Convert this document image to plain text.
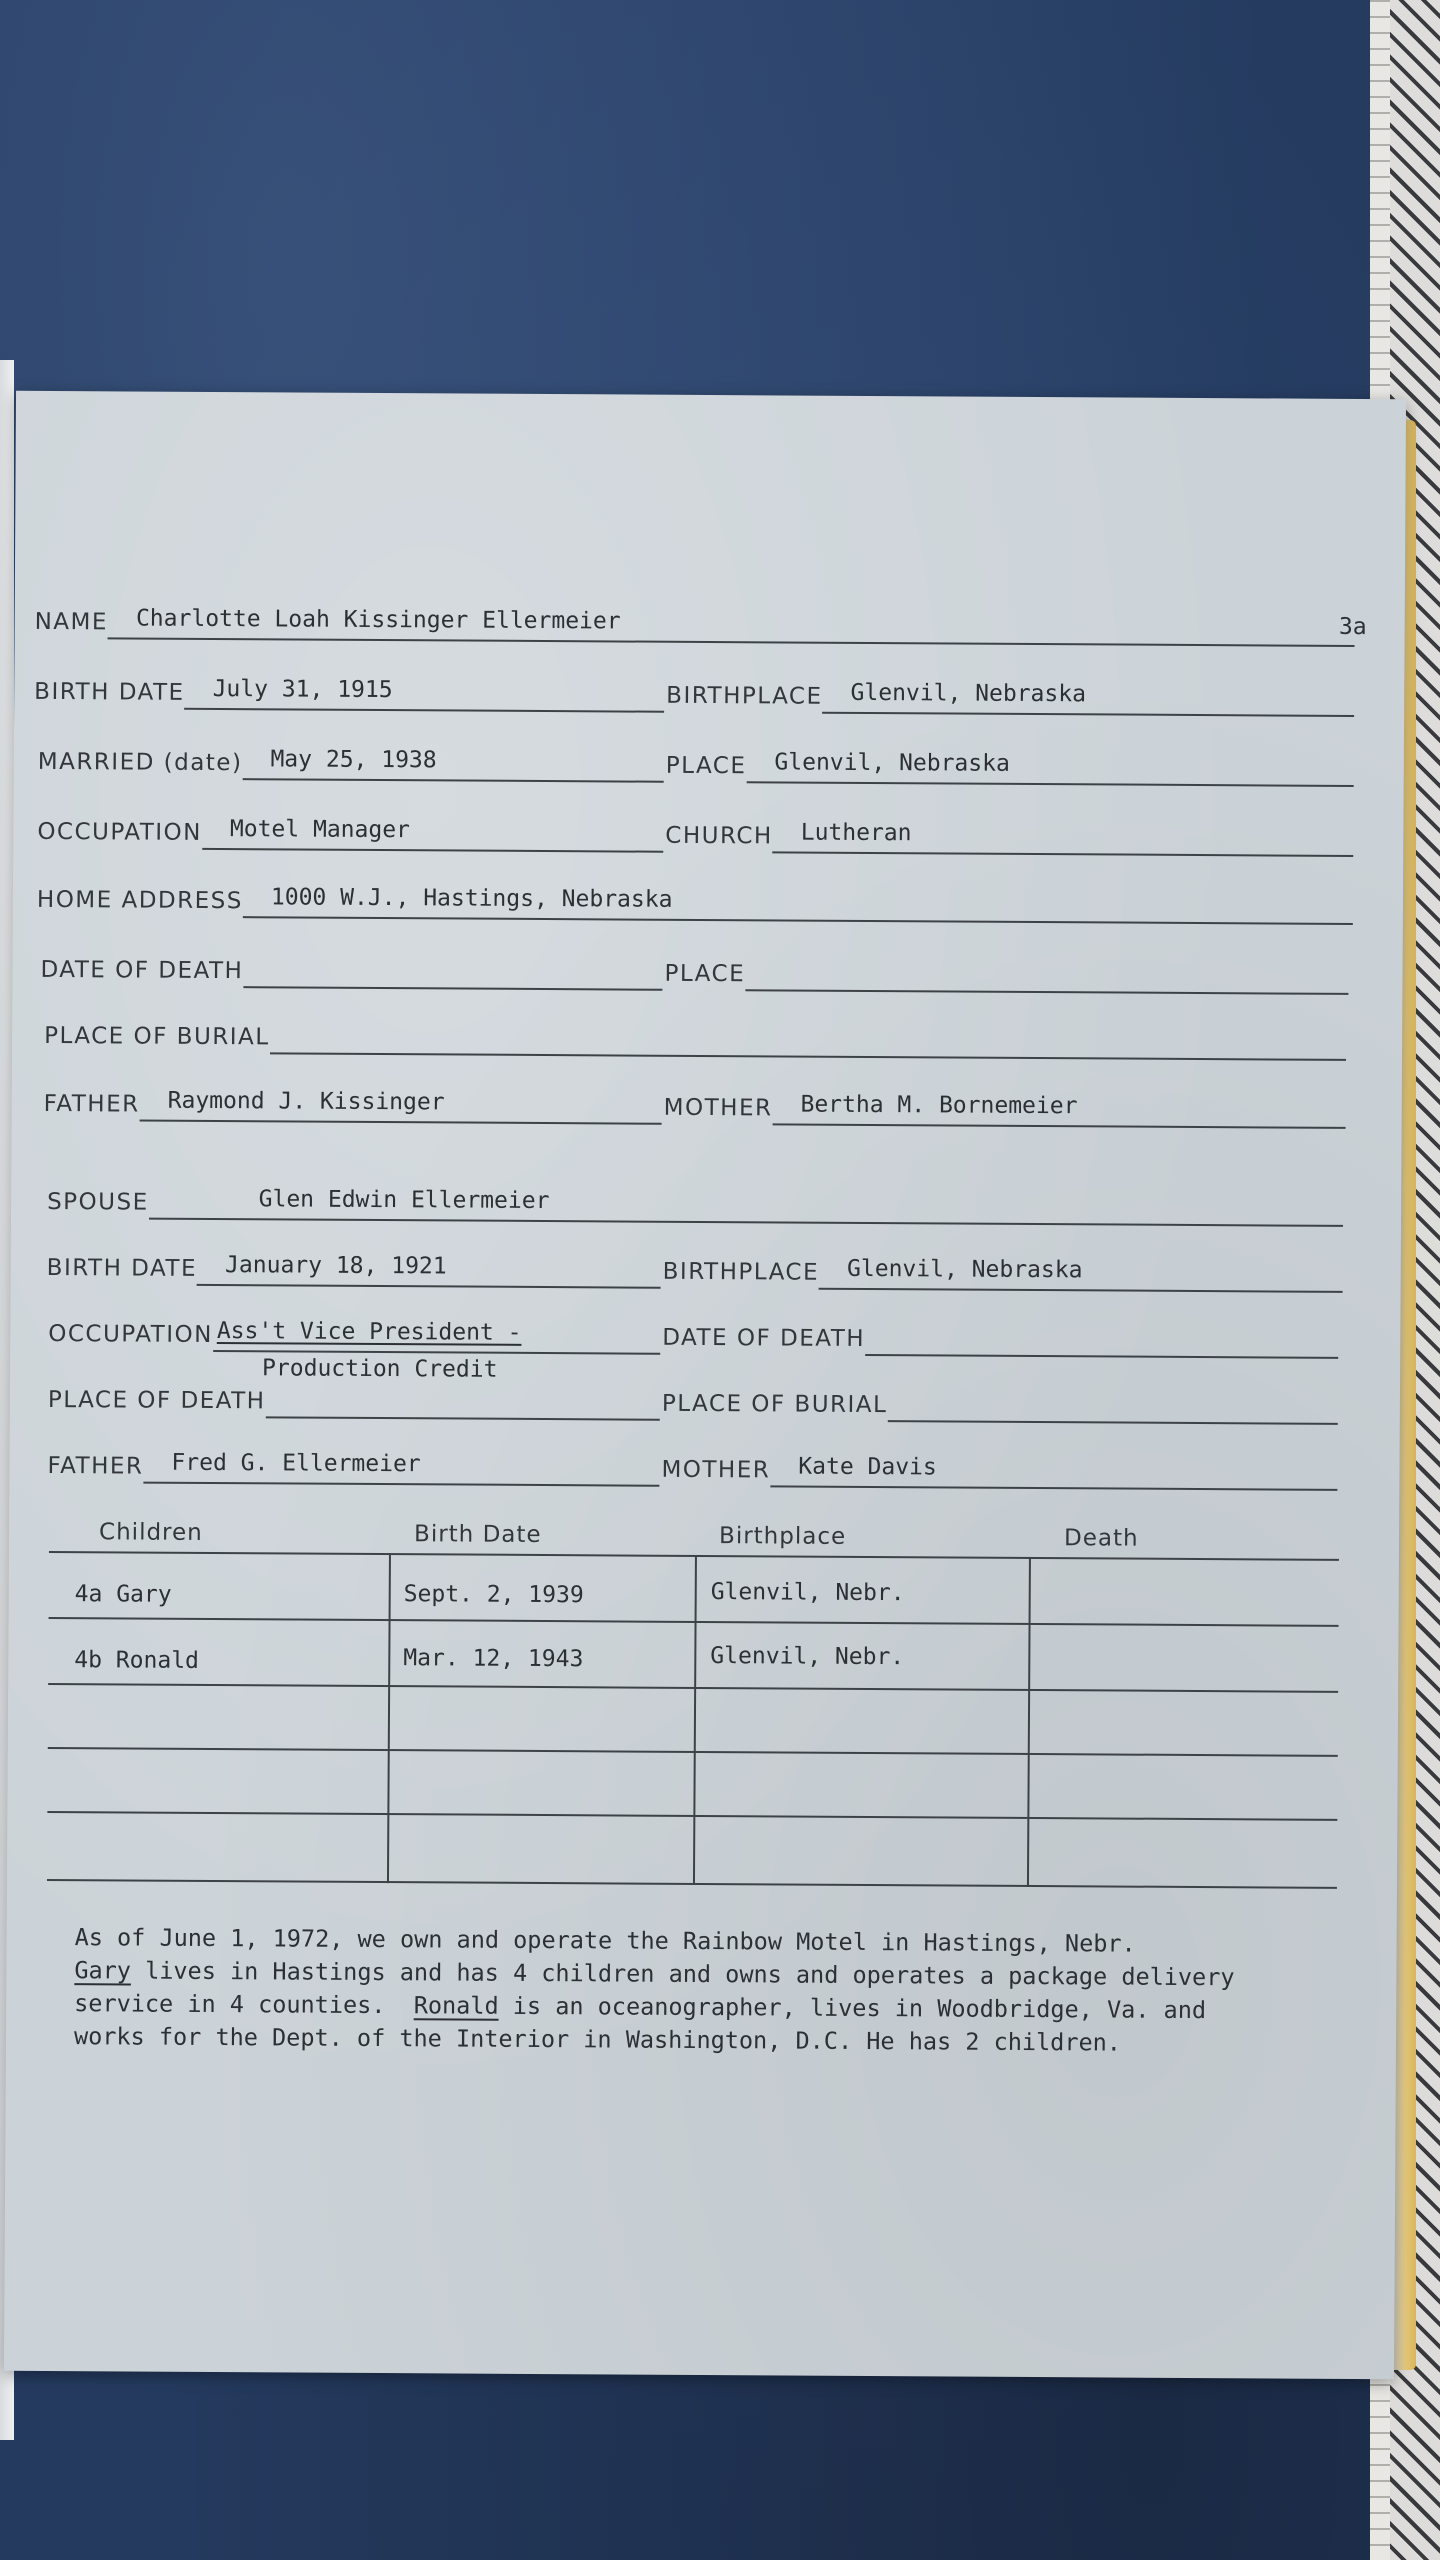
3a
NAME	Charlotte Loah Kissinger Ellermeier
BIRTH DATE	July 31, 1915	BIRTHPLACE	Glenvil, Nebraska
MARRIED (date)	May 25, 1938	PLACE	Glenvil, Nebraska
OCCUPATION	Motel Manager	CHURCH	Lutheran
HOME ADDRESS	1000 W.J., Hastings, Nebraska
DATE OF DEATH	PLACE
PLACE OF BURIAL
FATHER	Raymond J. Kissinger	MOTHER	Bertha M. Bornemeier
SPOUSE	Glen Edwin Ellermeier
BIRTH DATE	January 18, 1921	BIRTHPLACE	Glenvil, Nebraska
OCCUPATION Ass't Vice President -
Production Credit
DATE OF DEATH
PLACE OF DEATH	PLACE OF BURIAL
FATHER	Fred G. Ellermeier	MOTHER	Kate Davis
Children	Birth Date	Birthplace	Death
4a Gary	Sept. 2, 1939	Glenvil, Nebr.
4b Ronald	Mar. 12, 1943	Glenvil, Nebr.

As of June 1, 1972, we own and operate the Rainbow Motel in Hastings, Nebr.

Gary lives in Hastings and has 4 children and owns and operates a package delivery

service in 4 counties.  Ronald is an oceanographer, lives in Woodbridge, Va. and

works for the Dept. of the Interior in Washington, D.C. He has 2 children.
